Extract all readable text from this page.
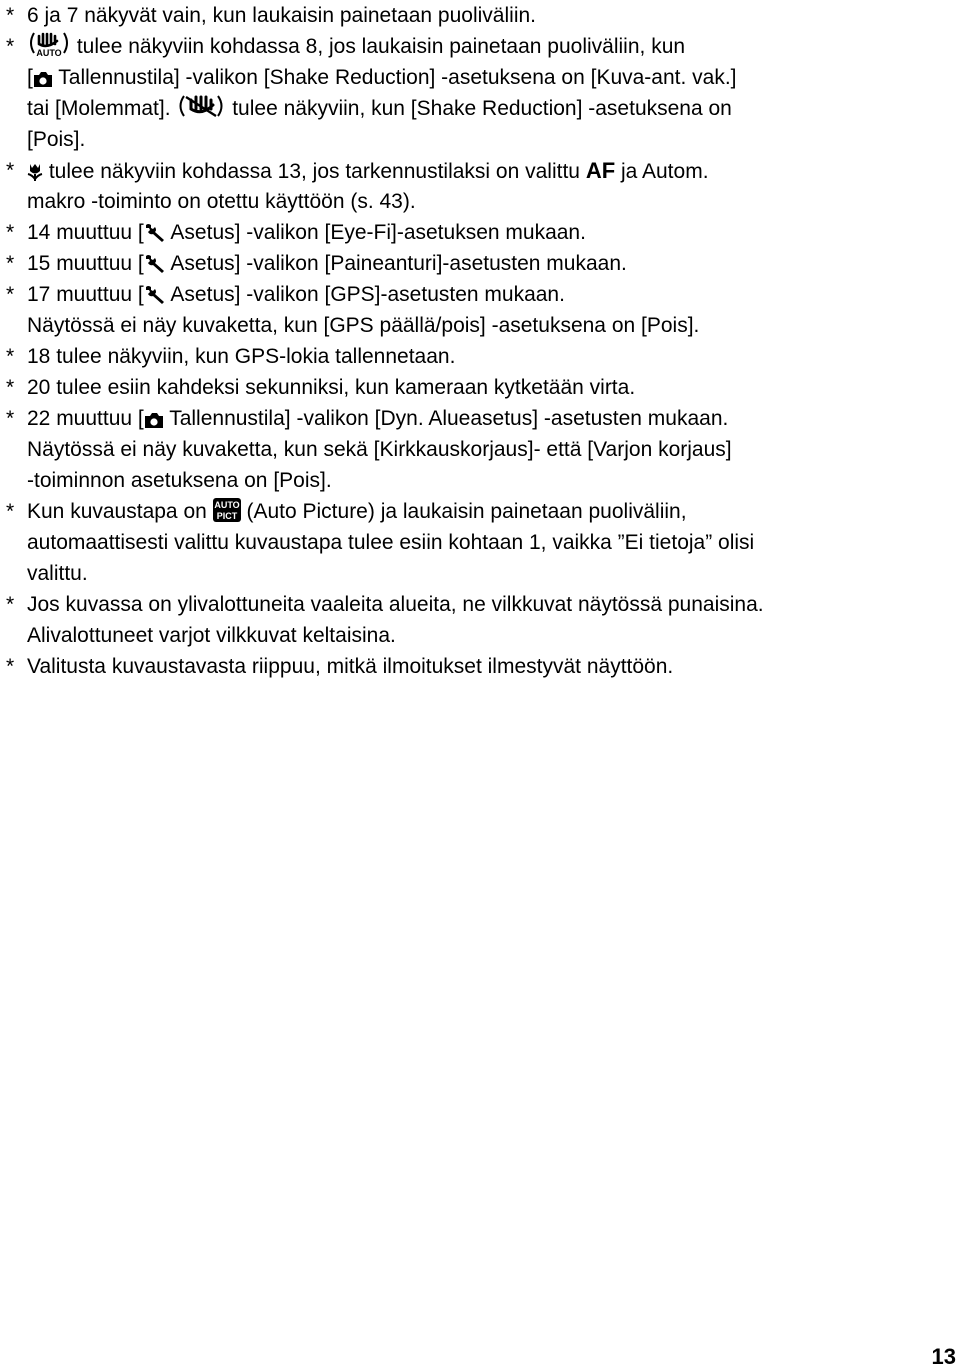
* 6 ja 7 näkyvät vain, kun laukaisin painetaan puoliväliin.
*	AUTO tulee näkyviin kohdassa 8, jos laukaisin painetaan puoliväliin, kun
[ Tallennustila] -valikon [Shake Reduction] -asetuksena on [Kuva-ant. vak.]
tai [Molemmat].  tulee näkyviin, kun [Shake Reduction] -asetuksena on
[Pois].
*	tulee näkyviin kohdassa 13, jos tarkennustilaksi on valittu AF ja Autom.
makro -toiminto on otettu käyttöön (s. 43).
* 14 muuttuu [ Asetus] -valikon [Eye-Fi]-asetuksen mukaan.
* 15 muuttuu [ Asetus] -valikon [Paineanturi]-asetusten mukaan.
* 17 muuttuu [ Asetus] -valikon [GPS]-asetusten mukaan.
Näytössä ei näy kuvaketta, kun [GPS päällä/pois] -asetuksena on [Pois].
* 18 tulee näkyviin, kun GPS-lokia tallennetaan.
* 20 tulee esiin kahdeksi sekunniksi, kun kameraan kytketään virta.
* 22 muuttuu [ Tallennustila] -valikon [Dyn. Alueasetus] -asetusten mukaan.
Näytössä ei näy kuvaketta, kun sekä [Kirkkauskorjaus]- että [Varjon korjaus]
-toiminnon asetuksena on [Pois].
* Kun kuvaustapa on AUTO
PICT (Auto Picture) ja laukaisin painetaan puoliväliin,
automaattisesti valittu kuvaustapa tulee esiin kohtaan 1, vaikka ”Ei tietoja” olisi
valittu.
* Jos kuvassa on ylivalottuneita vaaleita alueita, ne vilkkuvat näytössä punaisina.
Alivalottuneet varjot vilkkuvat keltaisina.
* Valitusta kuvaustavasta riippuu, mitkä ilmoitukset ilmestyvät näyttöön.
13
